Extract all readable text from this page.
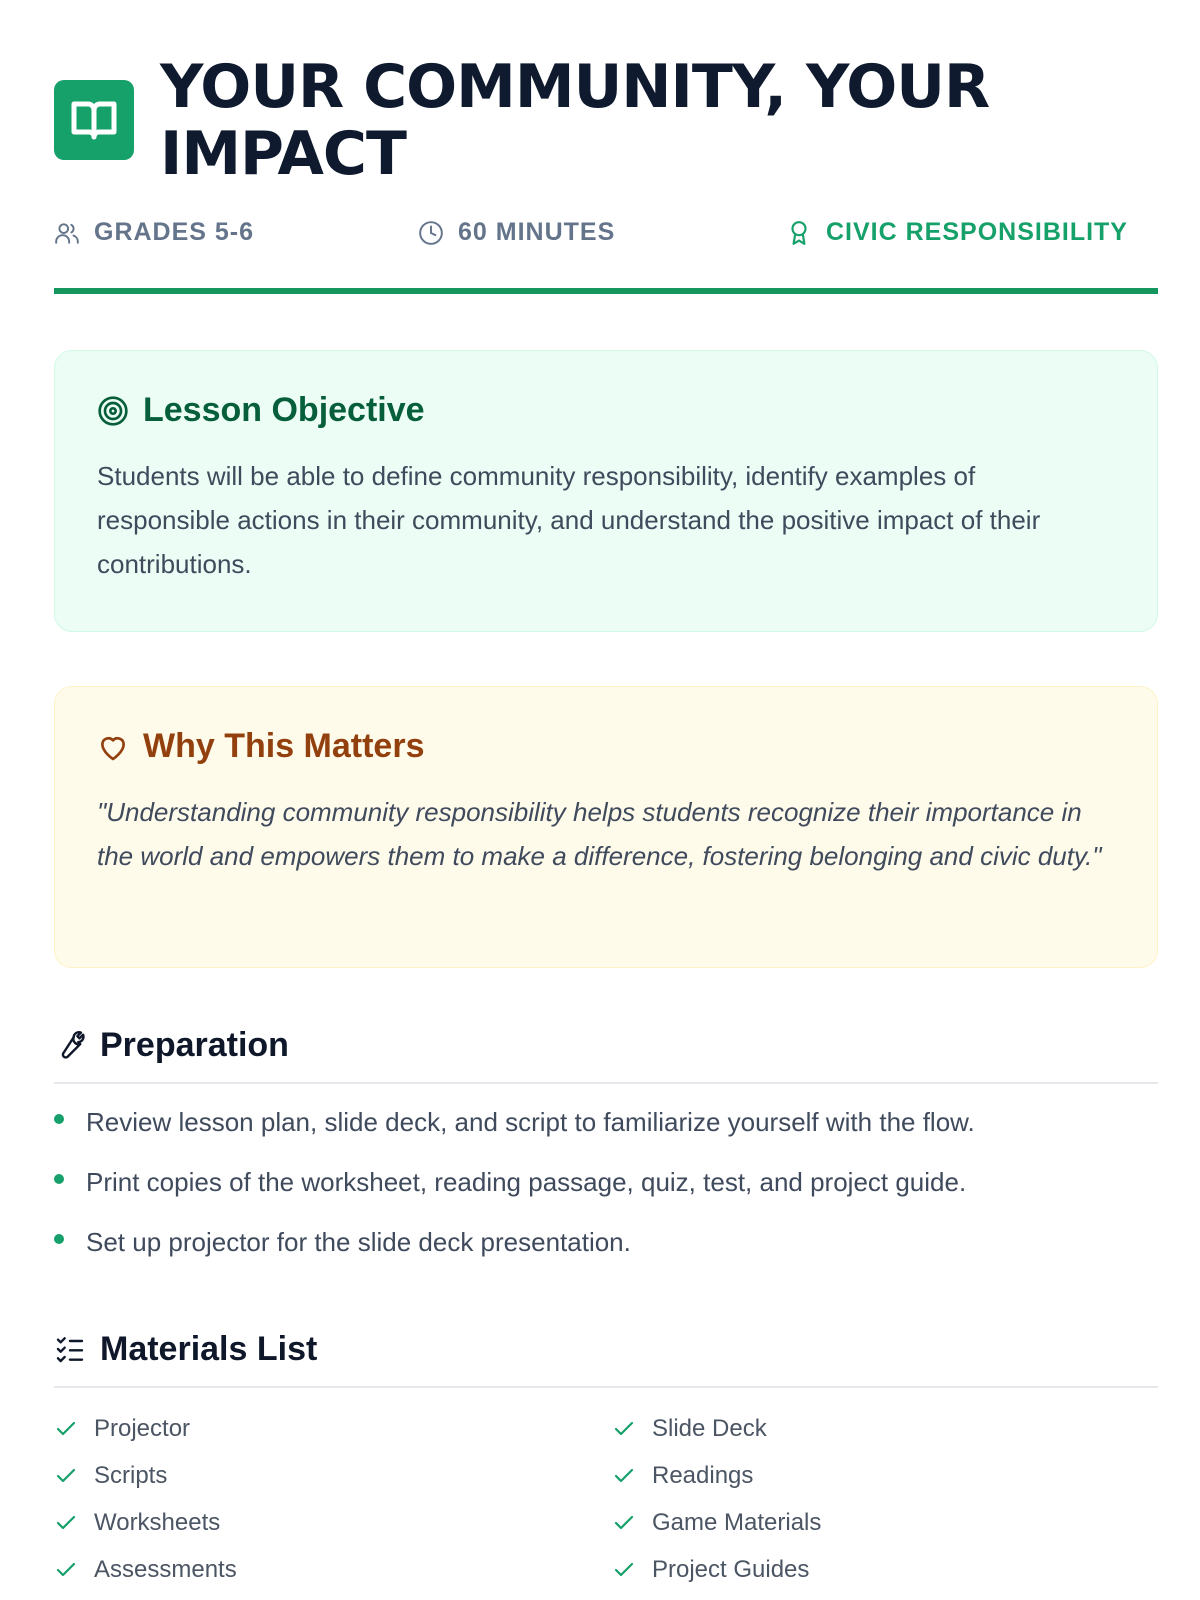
YOUR COMMUNITY, YOUR IMPACT
GRADES 5-6	60 MINUTES	CIVIC RESPONSIBILITY
Lesson Objective

Students will be able to define community responsibility, identify examples of responsible actions in their community, and understand the positive impact of their contributions.

Why This Matters

"Understanding community responsibility helps students recognize their importance in the world and empowers them to make a difference, fostering belonging and civic duty."

Preparation
Review lesson plan, slide deck, and script to familiarize yourself with the flow.
Print copies of the worksheet, reading passage, quiz, test, and project guide.
Set up projector for the slide deck presentation.
Materials List
Projector	Slide Deck
Scripts	Readings
Worksheets	Game Materials
Assessments	Project Guides
